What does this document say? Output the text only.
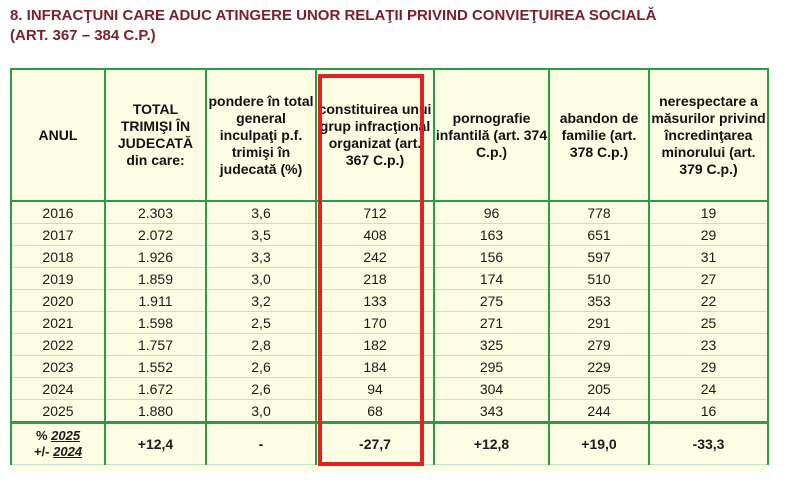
8. INFRACŢUNI CARE ADUC ATINGERE UNOR RELAŢII PRIVIND CONVIEŢUIREA SOCIALĂ
(ART. 367 – 384 C.P.)
ANUL	TOTAL TRIMIŞI ÎN JUDECATĂ din care:	pondere în total general inculpaţi p.f. trimişi în judecată (%)	constituirea unui grup infracţional organizat (art. 367 C.p.)	pornografie infantilă (art. 374 C.p.)	abandon de familie (art. 378 C.p.)	nerespectare a măsurilor privind încredinţarea minorului (art. 379 C.p.)
2016	2.303	3,6	712	96	778	19
2017	2.072	3,5	408	163	651	29
2018	1.926	3,3	242	156	597	31
2019	1.859	3,0	218	174	510	27
2020	1.911	3,2	133	275	353	22
2021	1.598	2,5	170	271	291	25
2022	1.757	2,8	182	325	279	23
2023	1.552	2,6	184	295	229	29
2024	1.672	2,6	94	304	205	24
2025	1.880	3,0	68	343	244	16

% 2025
+/- 2024	+12,4	-	-27,7	+12,8	+19,0	-33,3
